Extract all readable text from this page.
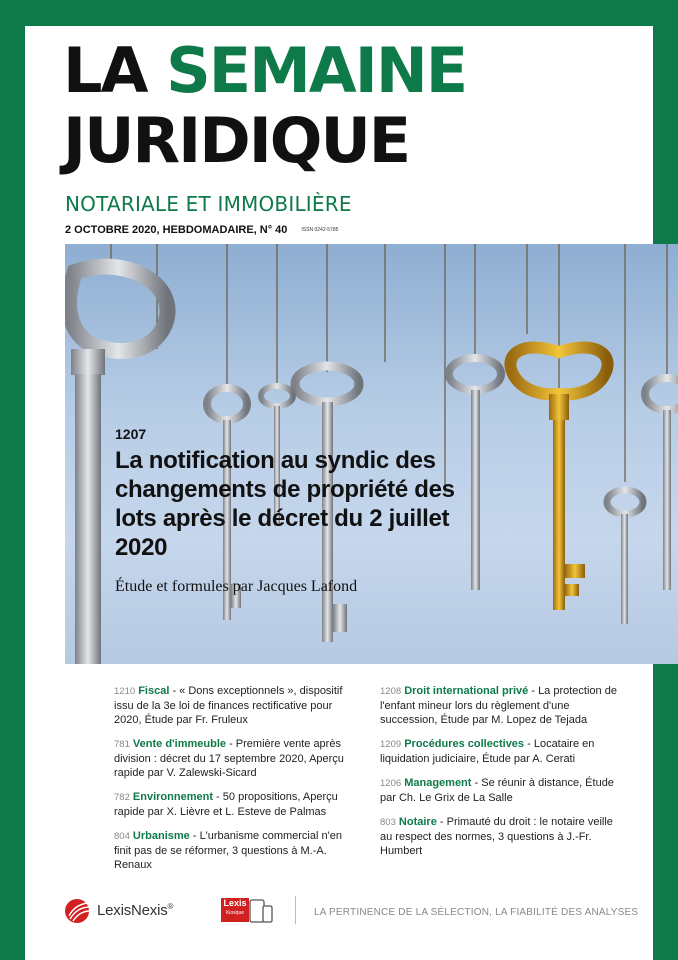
LA SEMAINE
JURIDIQUE
NOTARIALE ET IMMOBILIÈRE
2 OCTOBRE 2020, HEBDOMADAIRE, N° 40	ISSN 0242-5785
1207
La notification au syndic des changements de propriété des lots après le décret du 2 juillet 2020
Étude et formules par Jacques Lafond
1210 Fiscal - « Dons exceptionnels », dispositif issu de la 3e loi de finances rectificative pour 2020, Étude par Fr. Fruleux
781 Vente d'immeuble - Première vente après division : décret du 17 septembre 2020, Aperçu rapide par V. Zalewski-Sicard
782 Environnement - 50 propositions, Aperçu rapide par X. Lièvre et L. Esteve de Palmas
804 Urbanisme - L'urbanisme commercial n'en finit pas de se réformer, 3 questions à M.-A. Renaux
1208 Droit international privé - La protection de l'enfant mineur lors du règlement d'une succession, Étude par M. Lopez de Tejada
1209 Procédures collectives - Locataire en liquidation judiciaire, Étude par A. Cerati
1206 Management - Se réunir à distance, Étude par Ch. Le Grix de La Salle
803 Notaire - Primauté du droit : le notaire veille au respect des normes, 3 questions à J.-Fr. Humbert
LexisNexis®	Lexis
Kiosque	LA PERTINENCE DE LA SÉLECTION, LA FIABILITÉ DES ANALYSES
